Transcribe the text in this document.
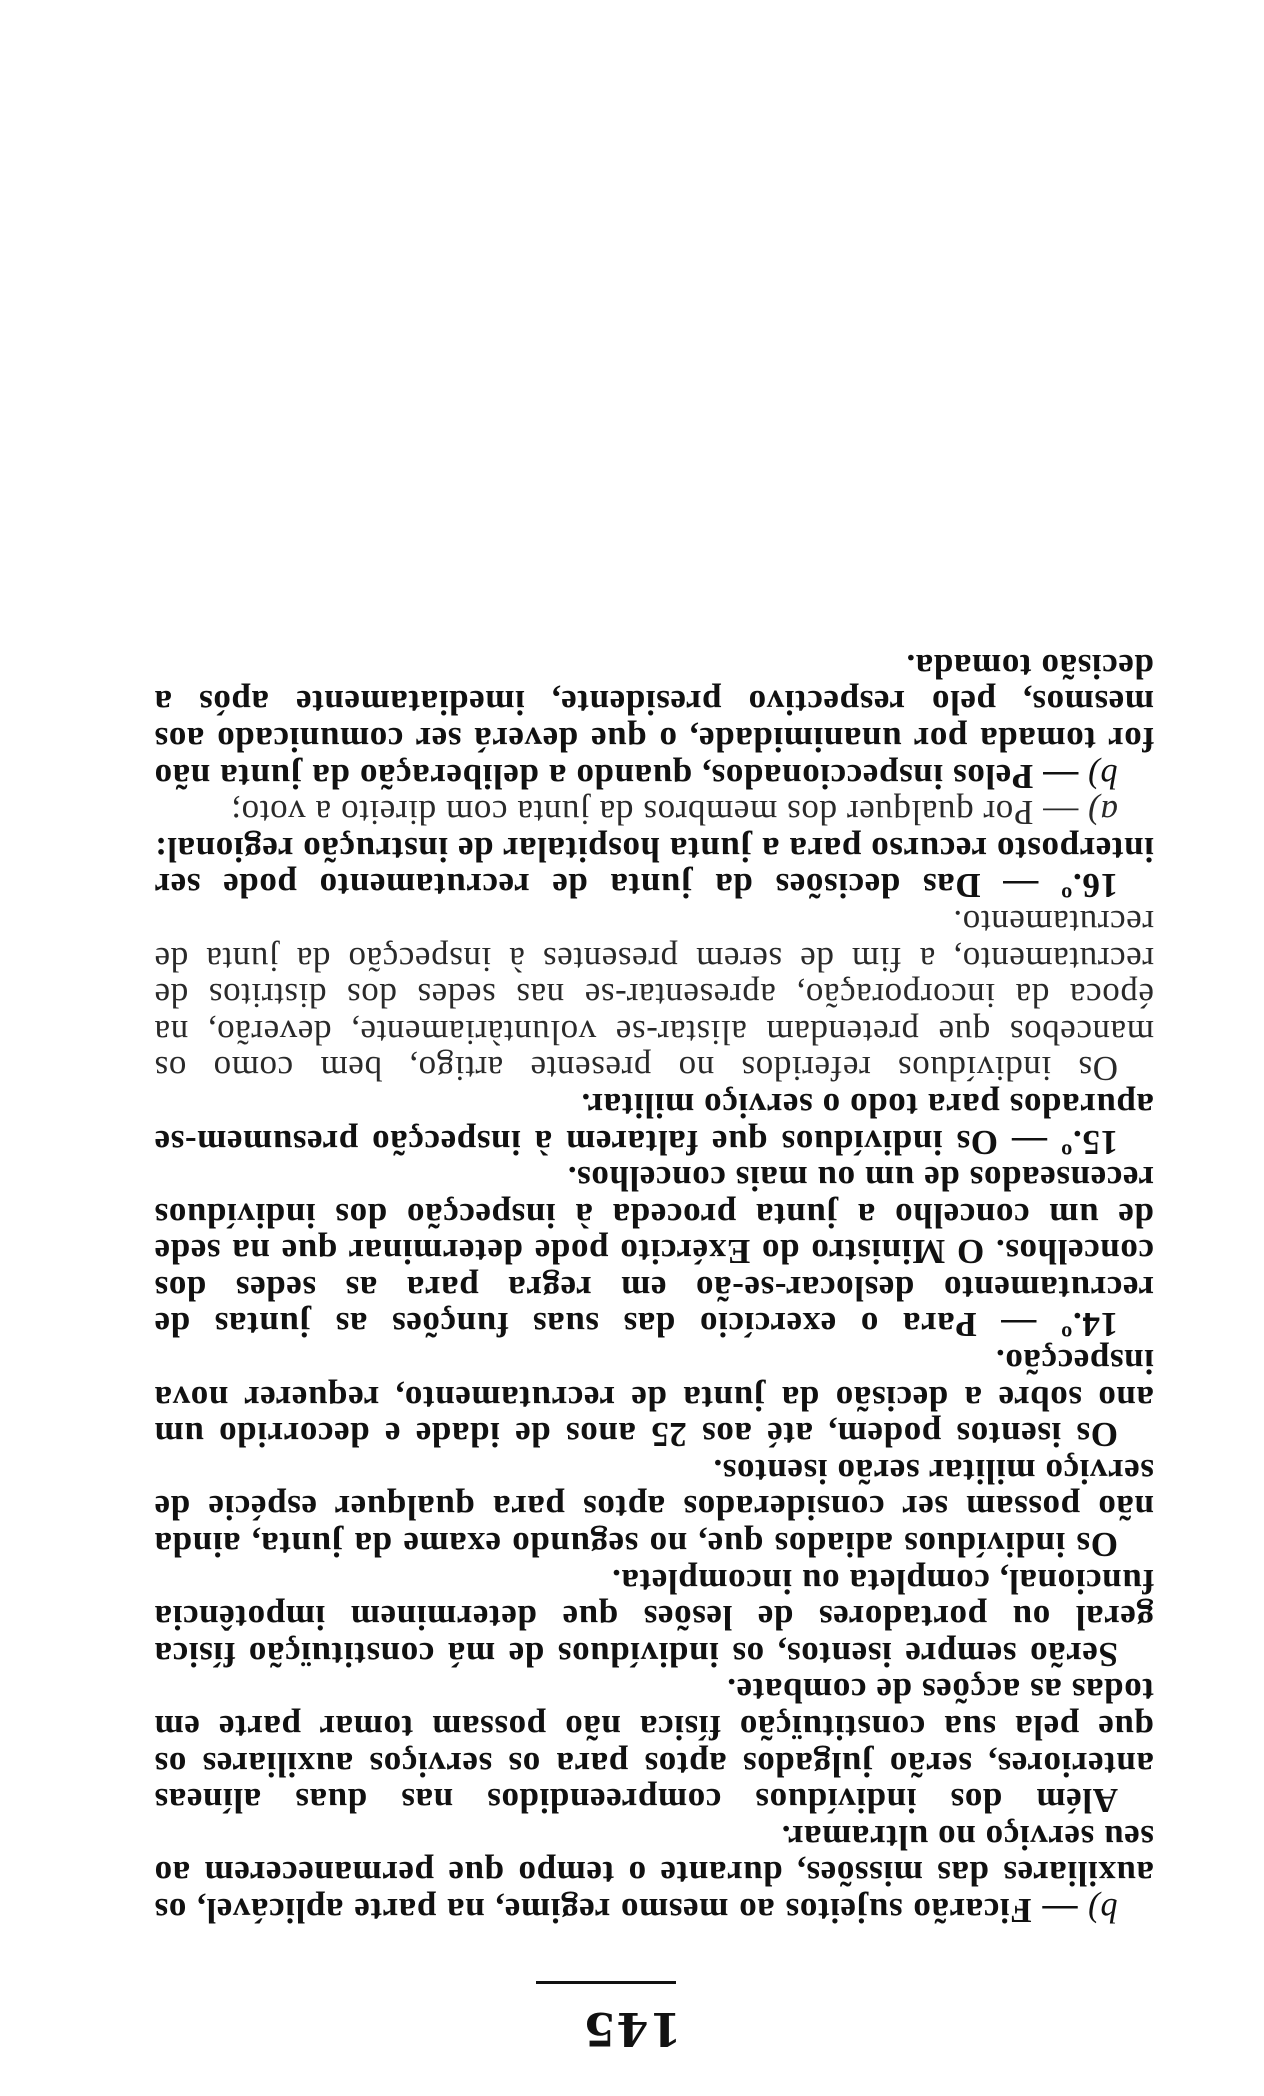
145

b) — Ficarão sujeitos ao mesmo regime, na parte aplicável, os auxiliares das missões, durante o tempo que permanecerem ao seu serviço no ultramar.

Além dos indivíduos compreendidos nas duas alíneas anteriores, serão julgados aptos para os serviços auxiliares os que pela sua constituïção física não possam tomar parte em todas as acções de combate.

Serão sempre isentos, os indivíduos de má constituïção física geral ou portadores de lesões que determinem impotência funcional, completa ou incompleta.

Os indivíduos adiados que, no segundo exame da junta, ainda não possam ser considerados aptos para qualquer espécie de serviço militar serão isentos.

Os isentos podem, até aos 25 anos de idade e decorrido um ano sobre a decisão da junta de recrutamento, requerer nova inspecção.

14.º — Para o exercício das suas funções as juntas de recrutamento deslocar-se-ão em regra para as sedes dos concelhos. O Ministro do Exército pode determinar que na sede de um concelho a junta proceda à inspecção dos indivíduos recenseados de um ou mais concelhos.

15.º — Os indivíduos que faltarem à inspecção presumem-se apurados para todo o serviço militar.

Os indivíduos referidos no presente artigo, bem como os mancebos que pretendam alistar-se voluntàriamente, deverão, na época da incorporação, apresentar-se nas sedes dos distritos de recrutamento, a fim de serem presentes à inspecção da junta de recrutamento.

16.º — Das decisões da junta de recrutamento pode ser interposto recurso para a junta hospitalar de instrução regional:

a) — Por qualquer dos membros da junta com direito a voto;

b) — Pelos inspeccionados, quando a deliberação da junta não for tomada por unanimidade, o que deverá ser comunicado aos mesmos, pelo respectivo presidente, imediatamente após a decisão tomada.
